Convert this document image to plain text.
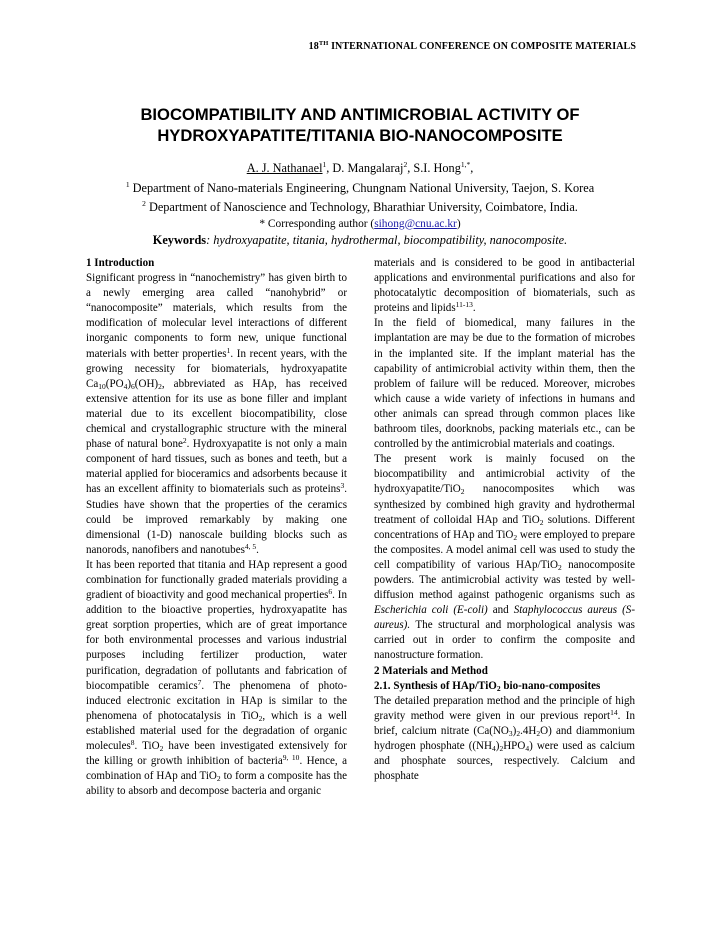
18TH INTERNATIONAL CONFERENCE ON COMPOSITE MATERIALS
BIOCOMPATIBILITY AND ANTIMICROBIAL ACTIVITY OF
HYDROXYAPATITE/TITANIA BIO-NANOCOMPOSITE
A. J. Nathanael$^1$, D. Mangalaraj$^2$, S.I. Hong$^{1,*}$,
$^1$ Department of Nano-materials Engineering, Chungnam National University, Taejon, S. Korea
$^2$ Department of Nanoscience and Technology, Bharathiar University, Coimbatore, India.
* Corresponding author (sihong@cnu.ac.kr)
Keywords: hydroxyapatite, titania, hydrothermal, biocompatibility, nanocomposite.

1 Introduction

Significant progress in “nanochemistry” has given birth to a newly emerging area called “nanohybrid” or “nanocomposite” materials, which results from the modification of molecular level interactions of different inorganic components to form new, unique functional materials with better properties$^1$. In recent years, with the growing necessity for biomaterials, hydroxyapatite $Ca_{10}(PO_4)_6(OH)_2$, abbreviated as HAp, has received extensive attention for its use as bone filler and implant material due to its excellent biocompatibility, close chemical and crystallographic structure with the mineral phase of natural bone$^2$. Hydroxyapatite is not only a main component of hard tissues, such as bones and teeth, but a material applied for bioceramics and adsorbents because it has an excellent affinity to biomaterials such as proteins$^3$. Studies have shown that the properties of the ceramics could be improved remarkably by making one dimensional (1-D) nanoscale building blocks such as nanorods, nanofibers and nanotubes$^{4, 5}$.

It has been reported that titania and HAp represent a good combination for functionally graded materials providing a gradient of bioactivity and good mechanical properties$^6$. In addition to the bioactive properties, hydroxyapatite has great sorption properties, which are of great importance for both environmental processes and various industrial purposes including fertilizer production, water purification, degradation of pollutants and fabrication of biocompatible ceramics$^7$. The phenomena of photo-induced electronic excitation in HAp is similar to the phenomena of photocatalysis in TiO$_2$, which is a well established material used for the degradation of organic molecules$^8$. TiO$_2$ have been investigated extensively for the killing or growth inhibition of bacteria$^{9, 10}$. Hence, a combination of HAp and TiO$_2$ to form a composite has the ability to absorb and decompose bacteria and organic

materials and is considered to be good in antibacterial applications and environmental purifications and also for photocatalytic decomposition of biomaterials, such as proteins and lipids$^{11-13}$.

In the field of biomedical, many failures in the implantation are may be due to the formation of microbes in the implanted site. If the implant material has the capability of antimicrobial activity within them, then the problem of failure will be reduced. Moreover, microbes which cause a wide variety of infections in humans and other animals can spread through common places like bathroom tiles, doorknobs, packing materials etc., can be controlled by the antimicrobial materials and coatings.

The present work is mainly focused on the biocompatibility and antimicrobial activity of the hydroxyapatite/TiO$_2$ nanocomposites which was synthesized by combined high gravity and hydrothermal treatment of colloidal HAp and TiO$_2$ solutions. Different concentrations of HAp and TiO$_2$ were employed to prepare the composites. A model animal cell was used to study the cell compatibility of various HAp/TiO$_2$ nanocomposite powders. The antimicrobial activity was tested by well-diffusion method against pathogenic organisms such as Escherichia coli (E-coli) and Staphylococcus aureus (S-aureus). The structural and morphological analysis was carried out in order to confirm the composite and nanostructure formation.

2 Materials and Method

2.1. Synthesis of HAp/TiO$_2$ bio-nano-composites

The detailed preparation method and the principle of high gravity method were given in our previous report$^{14}$. In brief, calcium nitrate $(Ca(NO_3)_2.4H_2O)$ and diammonium hydrogen phosphate $((NH_4)_2HPO_4)$ were used as calcium and phosphate sources, respectively. Calcium and phosphate
